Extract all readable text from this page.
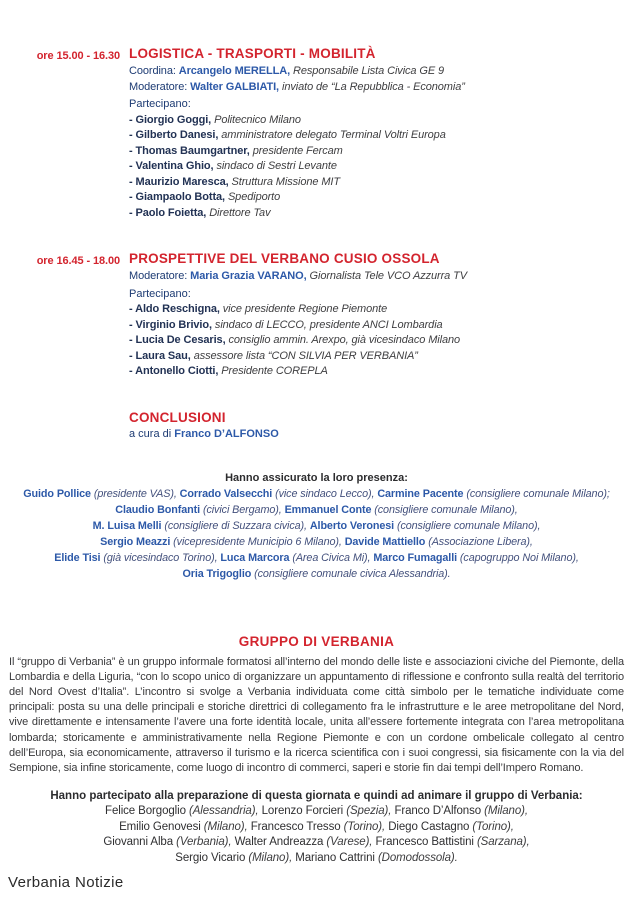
ore 15.00 - 16.30 LOGISTICA - TRASPORTI - MOBILITÀ
Coordina: Arcangelo MERELLA, Responsabile Lista Civica GE 9
Moderatore: Walter GALBIATI, inviato de “La Repubblica - Economia”
Partecipano:
- Giorgio Goggi, Politecnico Milano
- Gilberto Danesi, amministratore delegato Terminal Voltri Europa
- Thomas Baumgartner, presidente Fercam
- Valentina Ghio, sindaco di Sestri Levante
- Maurizio Maresca, Struttura Missione MIT
- Giampaolo Botta, Spediporto
- Paolo Foietta, Direttore Tav
ore 16.45 - 18.00 PROSPETTIVE DEL VERBANO CUSIO OSSOLA
Moderatore: Maria Grazia VARANO, Giornalista Tele VCO Azzurra TV
Partecipano:
- Aldo Reschigna, vice presidente Regione Piemonte
- Virginio Brivio, sindaco di LECCO, presidente ANCI Lombardia
- Lucia De Cesaris, consiglio ammin. Arexpo, già vicesindaco Milano
- Laura Sau, assessore lista “CON SILVIA PER VERBANIA”
- Antonello Ciotti, Presidente COREPLA
CONCLUSIONI
a cura di Franco D’ALFONSO
Hanno assicurato la loro presenza:
Guido Pollice (presidente VAS), Corrado Valsecchi (vice sindaco Lecco), Carmine Pacente (consigliere comunale Milano);
Claudio Bonfanti (civici Bergamo), Emmanuel Conte (consigliere comunale Milano),
M. Luisa Melli (consigliere di Suzzara civica), Alberto Veronesi (consigliere comunale Milano),
Sergio Meazzi (vicepresidente Municipio 6 Milano), Davide Mattiello (Associazione Libera),
Elide Tisi (già vicesindaco Torino), Luca Marcora (Area Civica Mi), Marco Fumagalli (capogruppo Noi Milano),
Oria Trigoglio (consigliere comunale civica Alessandria).
GRUPPO DI VERBANIA

Il “gruppo di Verbania” è un gruppo informale formatosi all’interno del mondo delle liste e associazioni civiche del Piemonte, della Lombardia e della Liguria, “con lo scopo unico di organizzare un appuntamento di riflessione e confronto sulla realtà del territorio del Nord Ovest d’Italia”. L’incontro si svolge a Verbania individuata come città simbolo per le tematiche individuate come principali: posta su una delle principali e storiche direttrici di collegamento fra le infrastrutture e le aree metropolitane del Nord, vive direttamente e intensamente l’avere una forte identità locale, unita all’essere fortemente integrata con l’area metropolitana lombarda; storicamente e amministrativamente nella Regione Piemonte e con un cordone ombelicale collegato al centro dell’Europa, sia economicamente, attraverso il turismo e la ricerca scientifica con i suoi congressi, sia fisicamente con la via del Sempione, sia infine storicamente, come luogo di incontro di commerci, saperi e storie fin dai tempi dell’Impero Romano.

Hanno partecipato alla preparazione di questa giornata e quindi ad animare il gruppo di Verbania:
Felice Borgoglio (Alessandria), Lorenzo Forcieri (Spezia), Franco D’Alfonso (Milano),
Emilio Genovesi (Milano), Francesco Tresso (Torino), Diego Castagno (Torino),
Giovanni Alba (Verbania), Walter Andreazza (Varese), Francesco Battistini (Sarzana),
Sergio Vicario (Milano), Mariano Cattrini (Domodossola).
Verbania Notizie
